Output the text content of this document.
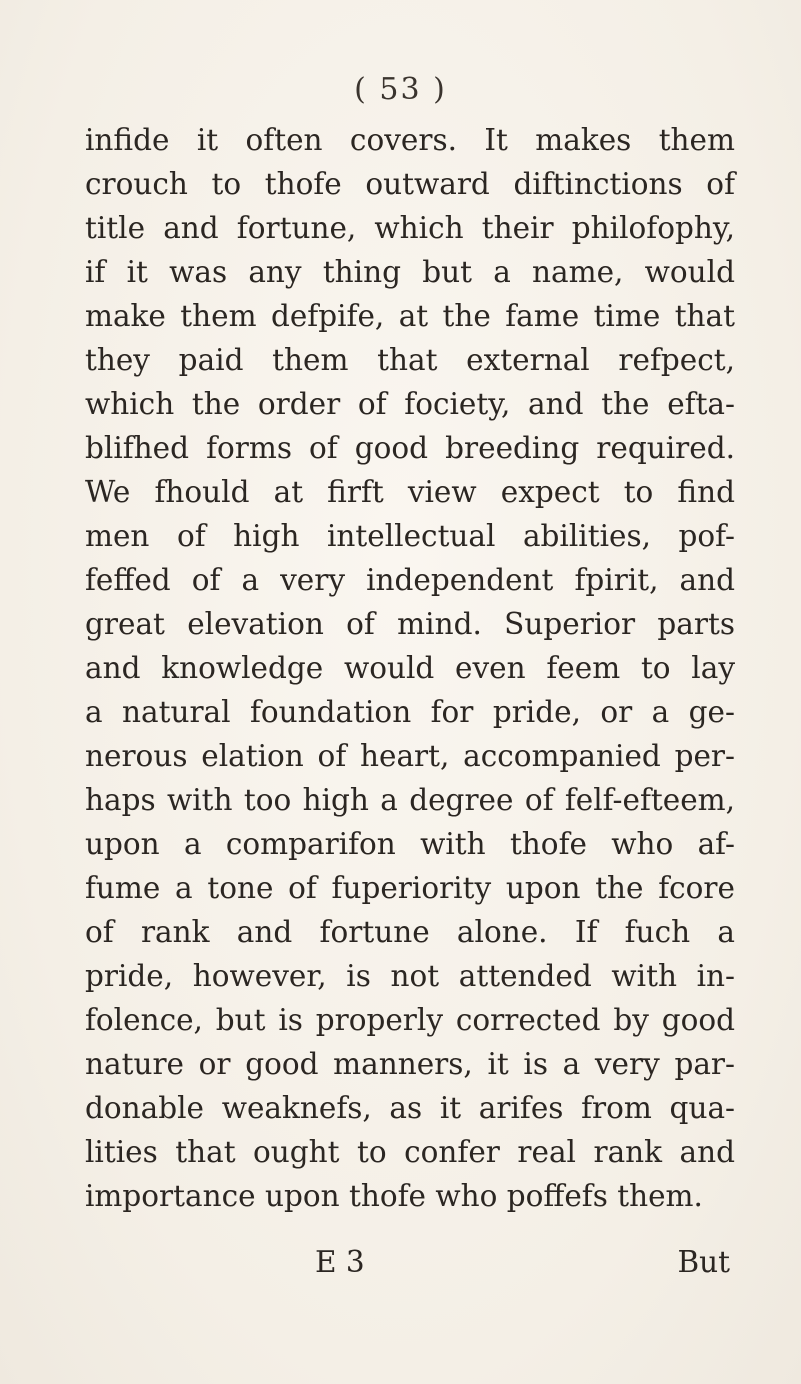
( 53 )
infide it often covers. It makes them
crouch to thofe outward diftinctions of
title and fortune, which their philofophy,
if it was any thing but a name, would
make them defpife, at the fame time that
they paid them that external refpect,
which the order of fociety, and the efta-
blifhed forms of good breeding required.
We fhould at firft view expect to find
men of high intellectual abilities, pof-
feffed of a very independent fpirit, and
great elevation of mind. Superior parts
and knowledge would even feem to lay
a natural foundation for pride, or a ge-
nerous elation of heart, accompanied per-
haps with too high a degree of felf-efteem,
upon a comparifon with thofe who af-
fume a tone of fuperiority upon the fcore
of rank and fortune alone. If fuch a
pride, however, is not attended with in-
folence, but is properly corrected by good
nature or good manners, it is a very par-
donable weaknefs, as it arifes from qua-
lities that ought to confer real rank and
importance upon thofe who poffefs them.
E 3	But
